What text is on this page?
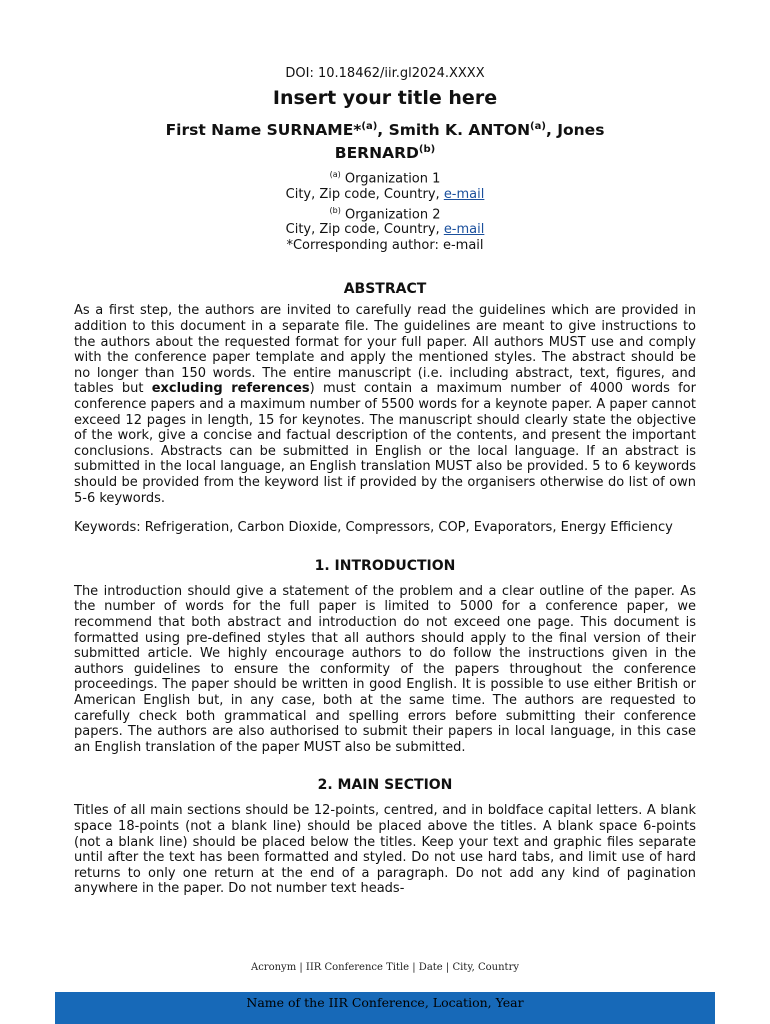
DOI: 10.18462/iir.gl2024.XXXX

Insert your title here

First Name SURNAME*$^{(a)}$, Smith K. ANTON$^{(a)}$, Jones BERNARD$^{(b)}$

$^{(a)}$ Organization 1
City, Zip code, Country, e-mail
$^{(b)}$ Organization 2
City, Zip code, Country, e-mail
*Corresponding author: e-mail

ABSTRACT

As a first step, the authors are invited to carefully read the guidelines which are provided in addition to this document in a separate file. The guidelines are meant to give instructions to the authors about the requested format for your full paper. All authors MUST use and comply with the conference paper template and apply the mentioned styles. The abstract should be no longer than 150 words. The entire manuscript (i.e. including abstract, text, figures, and tables but excluding references) must contain a maximum number of 4000 words for conference papers and a maximum number of 5500 words for a keynote paper. A paper cannot exceed 12 pages in length, 15 for keynotes. The manuscript should clearly state the objective of the work, give a concise and factual description of the contents, and present the important conclusions. Abstracts can be submitted in English or the local language. If an abstract is submitted in the local language, an English translation MUST also be provided. 5 to 6 keywords should be provided from the keyword list if provided by the organisers otherwise do list of own 5-6 keywords.

Keywords: Refrigeration, Carbon Dioxide, Compressors, COP, Evaporators, Energy Efficiency

1. INTRODUCTION

The introduction should give a statement of the problem and a clear outline of the paper. As the number of words for the full paper is limited to 5000 for a conference paper, we recommend that both abstract and introduction do not exceed one page. This document is formatted using pre-defined styles that all authors should apply to the final version of their submitted article. We highly encourage authors to do follow the instructions given in the authors guidelines to ensure the conformity of the papers throughout the conference proceedings. The paper should be written in good English. It is possible to use either British or American English but, in any case, both at the same time. The authors are requested to carefully check both grammatical and spelling errors before submitting their conference papers. The authors are also authorised to submit their papers in local language, in this case an English translation of the paper MUST also be submitted.

2. MAIN SECTION

Titles of all main sections should be 12-points, centred, and in boldface capital letters. A blank space 18-points (not a blank line) should be placed above the titles. A blank space 6-points (not a blank line) should be placed below the titles. Keep your text and graphic files separate until after the text has been formatted and styled. Do not use hard tabs, and limit use of hard returns to only one return at the end of a paragraph. Do not add any kind of pagination anywhere in the paper. Do not number text heads-

Acronym | IIR Conference Title | Date | City, Country
Name of the IIR Conference, Location, Year
